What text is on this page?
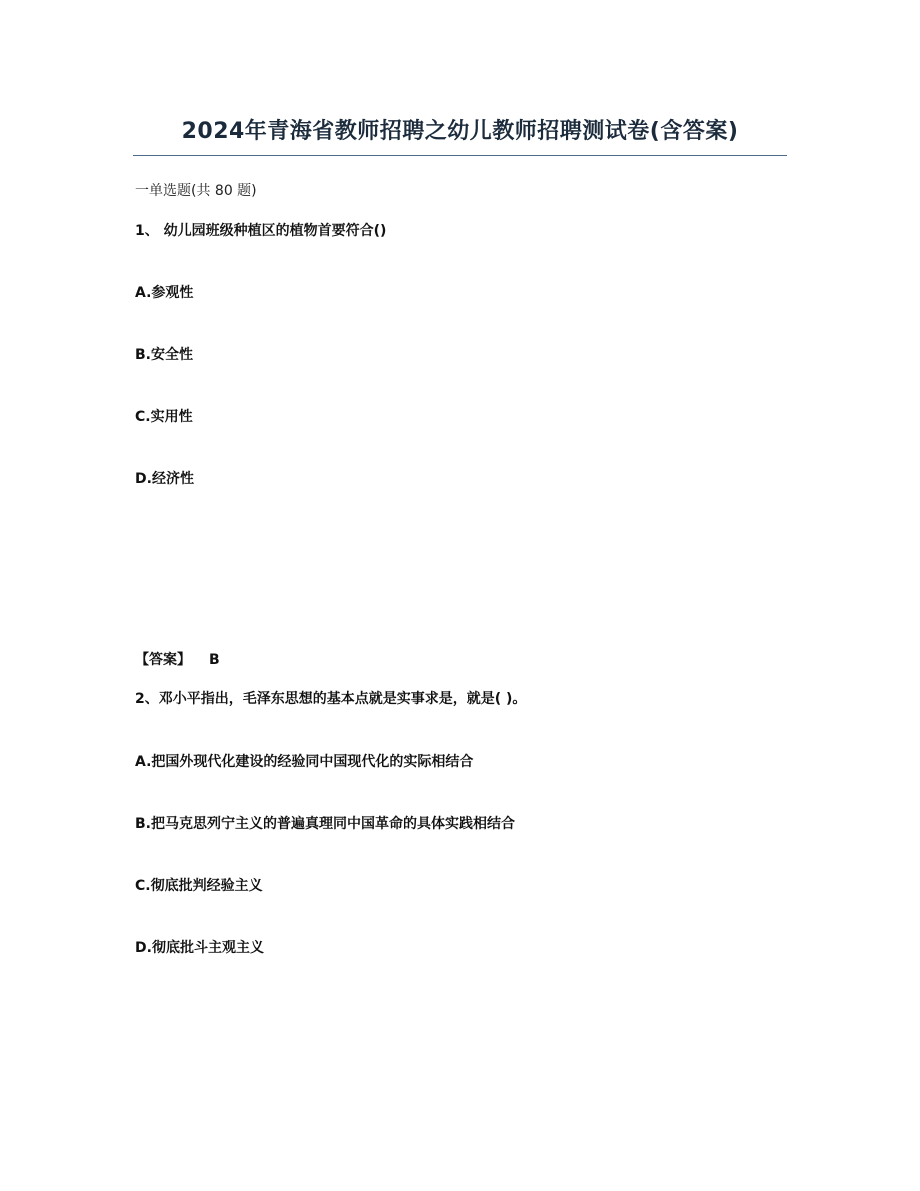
2024年青海省教师招聘之幼儿教师招聘测试卷(含答案)
一单选题(共 80 题)
1、 幼儿园班级种植区的植物首要符合()
A.参观性
B.安全性
C.实用性
D.经济性
【答案】 B
2、邓小平指出，毛泽东思想的基本点就是实事求是，就是( )。
A.把国外现代化建设的经验同中国现代化的实际相结合
B.把马克思列宁主义的普遍真理同中国革命的具体实践相结合
C.彻底批判经验主义
D.彻底批斗主观主义
